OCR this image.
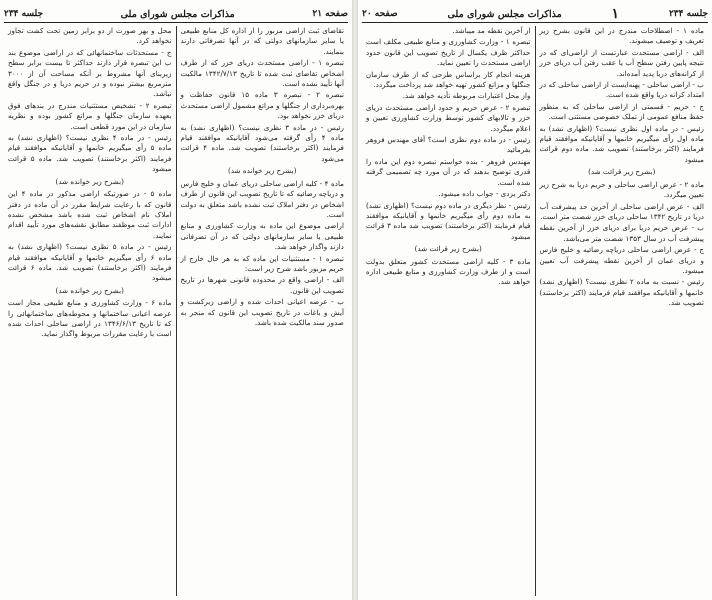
صفحه ۲۱
مذاکرات مجلس شورای ملی
جلسه ۲۳۴

تقاضای ثبت اراضی مزبور را از اداره کل منابع طبیعی یا سایر سازمانهای دولتی که در آنها تصرفاتی دارند بنمایند.

تبصره ۱ - اراضی مستحدث دریای خزر که از طرف اشخاص تقاضای ثبت شده تا تاریخ ۱۳۴۲/۷/۱۳ مالکیت آنها تأیید نشده است.

تبصره ۲ - تبصره ۳ ماده ۱۵ قانون حفاظت و بهره‌برداری از جنگلها و مراتع مشمول اراضی مستحدث دریای خزر نخواهد بود.

رئیس - در ماده ۳ نظری نیست؟ (اظهاری نشد) به ماده ۴ رأی گرفته می‌شود آقایانیکه موافقند قیام فرمایند (اکثر برخاستند) تصویب شد. ماده ۴ قرائت می‌شود

(بشرح زیر خوانده شد)

ماده ۴ - کلیه اراضی ساحلی دریای عمان و خلیج فارس و دریاچه رضائیه که تا تاریخ تصویب این قانون از طرف اشخاص در دفتر املاک ثبت نشده باشد متعلق به دولت است.

اراضی موضوع این ماده به وزارت کشاورزی و منابع طبیعی یا سایر سازمانهای دولتی که در آن تصرفاتی دارند واگذار خواهد شد.

تبصره ۱ - مستثنیات این ماده که به هر حال خارج از حریم مزبور باشد شرح زیر است:

الف - اراضی واقع در محدوده قانونی شهرها در تاریخ تصویب این قانون.

ب - عرصه اعیانی احداث شده و اراضی زیرکشت و آیش و باغات در تاریخ تصویب این قانون که منجر به صدور سند مالکیت شده باشد.

محل و بهر صورت از دو برابر زمین تحت کشت تجاوز نخواهد کرد.

ج - مستحدثات ساختمانهائی که در اراضی موضوع بند ب این تبصره قرار دارند حداکثر تا بیست برابر سطح زیربنای آنها مشروط بر آنکه مساحت آن از ۳۰۰۰ مترمربع بیشتر نبوده و در حریم دریا و در جنگل واقع نباشد.

تبصره ۲ - تشخیص مستثنیات مندرج در بندهای فوق بعهده سازمان جنگلها و مراتع کشور بوده و نظریه سازمان در این مورد قطعی است.

رئیس - در ماده ۴ نظری نیست؟ (اظهاری نشد) به ماده ۵ رأی میگیریم خانمها و آقایانیکه موافقند قیام فرمایند (اکثر برخاستند) تصویب شد. ماده ۵ قرائت میشود

(بشرح زیر خوانده شد)

ماده ۵ - در صورتیکه اراضی مذکور در ماده ۴ این قانون که با رعایت شرایط مقرر در آن ماده در دفتر املاک نام اشخاص ثبت شده باشد مشخص نشده ادارات ثبت موظفند مطابق نقشه‌های مورد تأیید اقدام نمایند.

رئیس - در ماده ۵ نظری نیست؟ (اظهاری نشد) به ماده ۶ رأی میگیریم خانمها و آقایانیکه موافقند قیام فرمایند (اکثر برخاستند) تصویب شد. ماده ۶ قرائت میشود

(بشرح زیر خوانده شد)

ماده ۶ - وزارت کشاورزی و منابع طبیعی مجاز است عرصه اعیانی ساختمانها و محوطه‌های ساختمانهائی را که تا تاریخ ۱۳۴۶/۶/۱۳ در اراضی ساحلی احداث شده است با رعایت مقررات مربوط واگذار نماید.

جلسه ۲۳۴
۱
مذاکرات مجلس شورای ملی
صفحه ۲۰

ماده ۱ - اصطلاحات مندرج در این قانون بشرح زیر تعریف و توصیف میشوند.

الف - اراضی مستحدث عبارتست از اراضی‌ای که در نتیجه پایین رفتن سطح آب یا عقب رفتن آب دریای خزر از کرانه‌های دریا پدید آمده‌اند.

ب - اراضی ساحلی - پهنه‌ایست از اراضی ساحلی که در امتداد کرانه دریا واقع شده است.

ج - حریم - قسمتی از اراضی ساحلی که به منظور حفظ منافع عمومی از تملک خصوصی مستثنی است.

رئیس - در ماده اول نظری نیست؟ (اظهاری نشد) به ماده اول رأی میگیریم خانمها و آقایانیکه موافقند قیام فرمایند (اکثر برخاستند) تصویب شد. ماده دوم قرائت میشود

(بشرح زیر قرائت شد)

ماده ۲ - عرض اراضی ساحلی و حریم دریا به شرح زیر تعیین میگردد.

الف - عرض اراضی ساحلی از آخرین حد پیشرفت آب دریا در تاریخ ۱۳۴۲ ساحلی دریای خزر شصت متر است.

ب - عرض حریم دریا برای دریای خزر از آخرین نقطه پیشرفت آب در سال ۱۳۵۳ شصت متر می‌باشد.

ج - عرض اراضی ساحلی دریاچه رضائیه و خلیج فارس و دریای عمان از آخرین نقطه پیشرفت آب تعیین میشود.

رئیس - نسبت به ماده ۲ نظری نیست؟ (اظهاری نشد) خانمها و آقایانیکه موافقند قیام فرمایند (اکثر برخاستند) تصویب شد.

از آخرین نقطه مد میباشد.

تبصره ۱ - وزارت کشاورزی و منابع طبیعی مکلف است حداکثر ظرف یکسال از تاریخ تصویب این قانون حدود اراضی مستحدث را تعیین نماید.

هزینه انجام کار براساس طرحی که از طرف سازمان جنگلها و مراتع کشور تهیه خواهد شد پرداخت میگردد.

واز محل اعتبارات مربوطه تأدیه خواهد شد.

تبصره ۲ - عرض حریم و حدود اراضی مستحدث دریای خزر و تالابهای کشور توسط وزارت کشاورزی تعیین و اعلام میگردد.

رئیس - در ماده دوم نظری است؟ آقای مهندس فروهر بفرمائید

مهندس فروهر - بنده خواستم تبصره دوم این ماده را قدری توضیح بدهند که در آن مورد چه تصمیمی گرفته شده است.

دکتر یزدی - جواب داده میشود.

رئیس - نظر دیگری در ماده دوم نیست؟ (اظهاری نشد) به ماده دوم رأی میگیریم خانمها و آقایانیکه موافقند قیام فرمایند (اکثر برخاستند) تصویب شد ماده ۳ قرائت میشود

(بشرح زیر قرائت شد)

ماده ۳ - کلیه اراضی مستحدث کشور متعلق بدولت است و از طرف وزارت کشاورزی و منابع طبیعی اداره خواهد شد.
